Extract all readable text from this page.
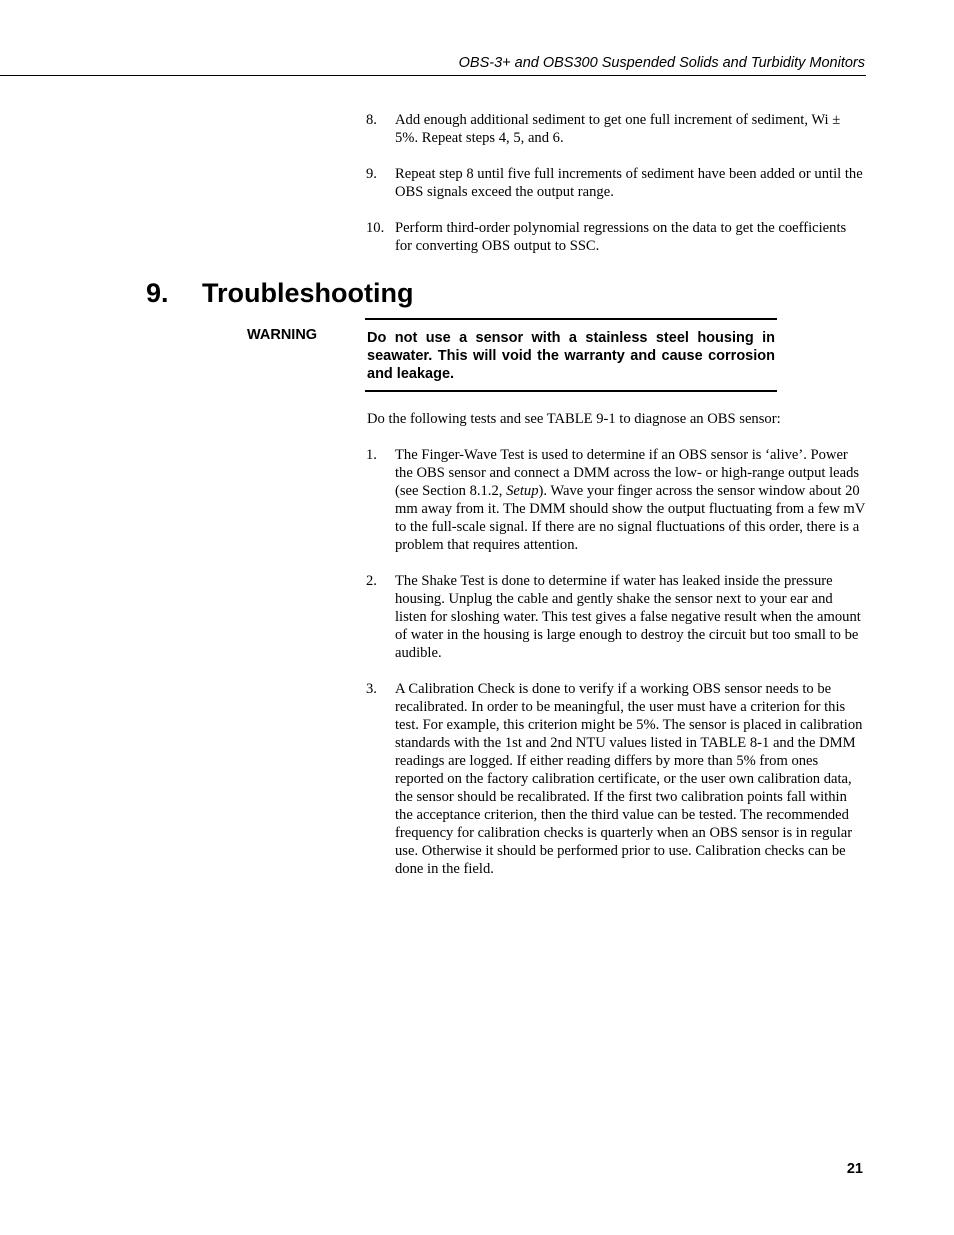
OBS-3+ and OBS300 Suspended Solids and Turbidity Monitors
8. Add enough additional sediment to get one full increment of sediment, Wi ± 5%. Repeat steps 4, 5, and 6.
9. Repeat step 8 until five full increments of sediment have been added or until the OBS signals exceed the output range.
10. Perform third-order polynomial regressions on the data to get the coefficients for converting OBS output to SSC.
9. Troubleshooting
WARNING	Do not use a sensor with a stainless steel housing in seawater. This will void the warranty and cause corrosion and leakage.

Do the following tests and see TABLE 9-1 to diagnose an OBS sensor:

1. The Finger-Wave Test is used to determine if an OBS sensor is ‘alive’. Power the OBS sensor and connect a DMM across the low- or high-range output leads (see Section 8.1.2, Setup). Wave your finger across the sensor window about 20 mm away from it. The DMM should show the output fluctuating from a few mV to the full-scale signal. If there are no signal fluctuations of this order, there is a problem that requires attention.
2. The Shake Test is done to determine if water has leaked inside the pressure housing. Unplug the cable and gently shake the sensor next to your ear and listen for sloshing water. This test gives a false negative result when the amount of water in the housing is large enough to destroy the circuit but too small to be audible.
3. A Calibration Check is done to verify if a working OBS sensor needs to be recalibrated. In order to be meaningful, the user must have a criterion for this test. For example, this criterion might be 5%. The sensor is placed in calibration standards with the 1st and 2nd NTU values listed in TABLE 8-1 and the DMM readings are logged. If either reading differs by more than 5% from ones reported on the factory calibration certificate, or the user own calibration data, the sensor should be recalibrated. If the first two calibration points fall within the acceptance criterion, then the third value can be tested. The recommended frequency for calibration checks is quarterly when an OBS sensor is in regular use. Otherwise it should be performed prior to use. Calibration checks can be done in the field.
21
